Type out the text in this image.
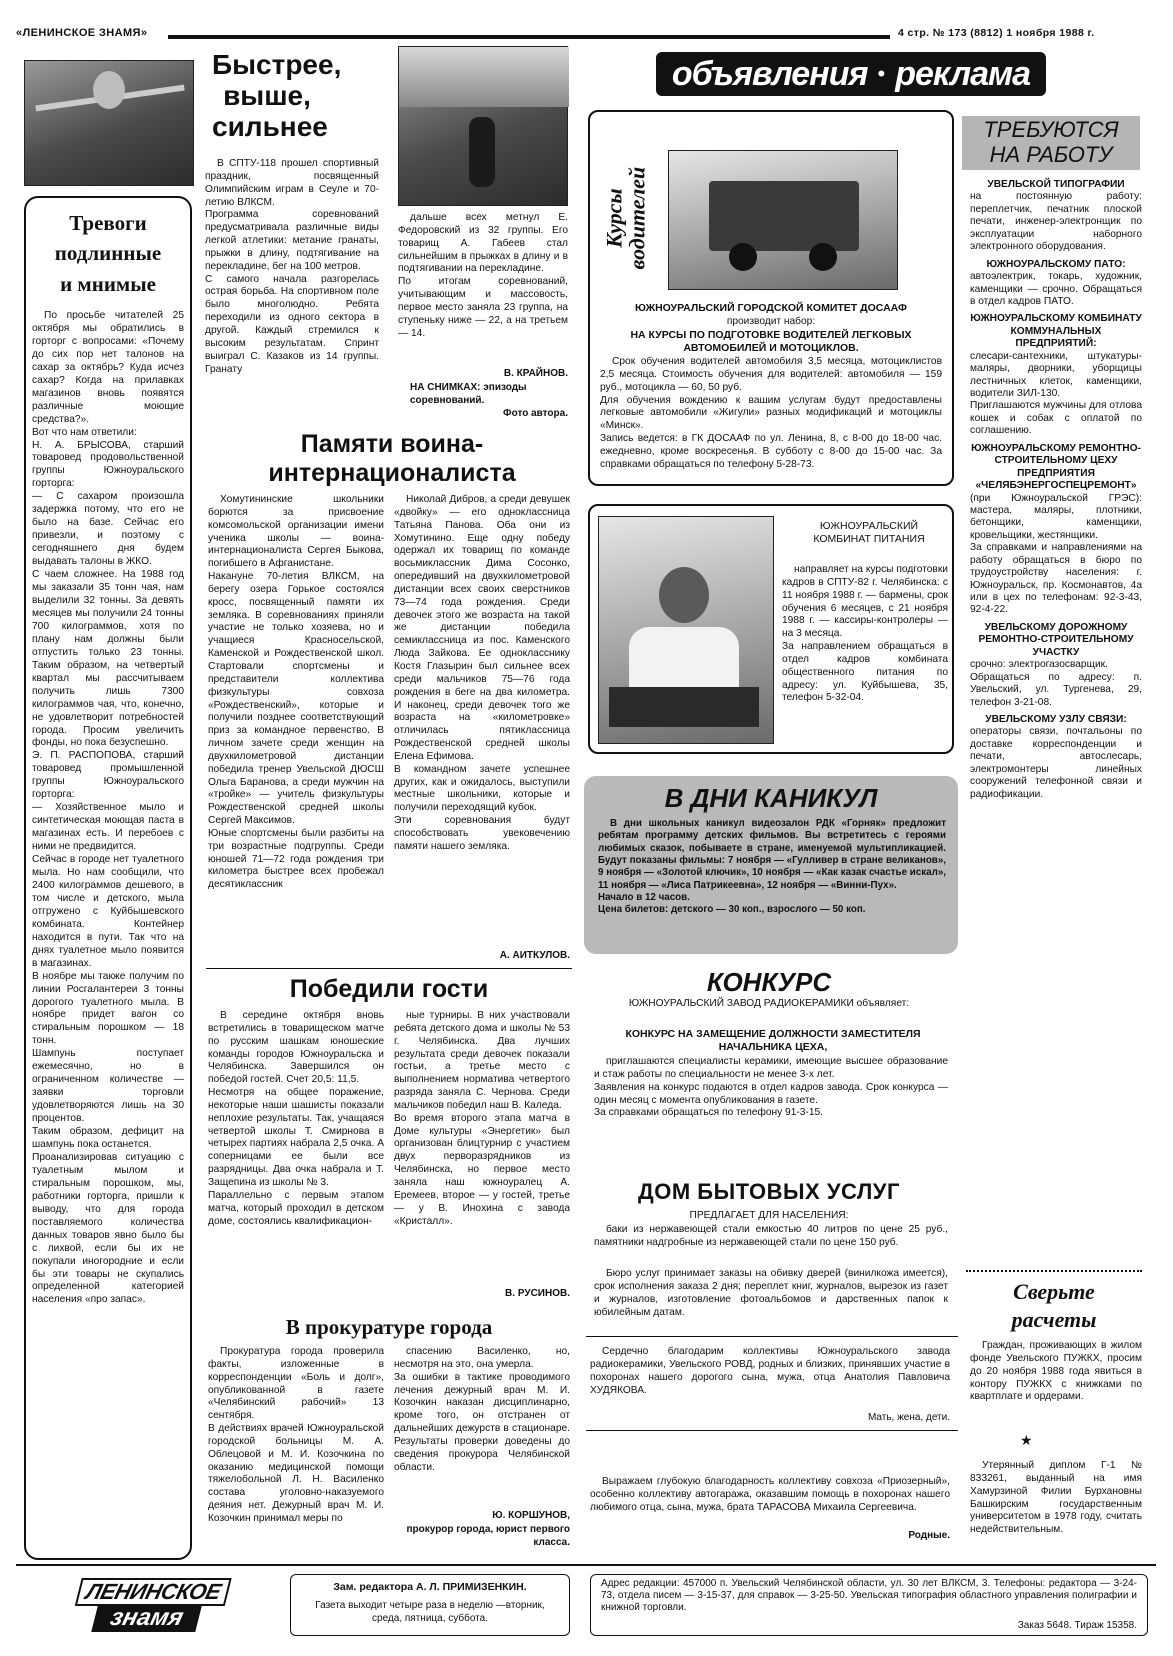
«ЛЕНИНСКОЕ ЗНАМЯ»	4 стр. № 173 (8812) 1 ноября 1988 г.
объявления • реклама
Тревоги
подлинные
и мнимые
По просьбе читателей 25 октября мы обратились в горторг с вопросами: «Почему до сих пор нет талонов на сахар за октябрь? Куда исчез сахар? Когда на прилавках магазинов вновь появятся различные моющие средства?».
Вот что нам ответили:
Н. А. БРЫСОВА, старший товаровед продовольственной группы Южноуральского горторга:
— С сахаром произошла задержка потому, что его не было на базе. Сейчас его привезли, и поэтому с сегодняшнего дня будем выдавать талоны в ЖКО.
С чаем сложнее. На 1988 год мы заказали 35 тонн чая, нам выделили 32 тонны. За девять месяцев мы получили 24 тонны 700 килограммов, хотя по плану нам должны были отпустить только 23 тонны. Таким образом, на четвертый квартал мы рассчитываем получить лишь 7300 килограммов чая, что, конечно, не удовлетворит потребностей города. Просим увеличить фонды, но пока безуспешно.
Э. П. РАСПОПОВА, старший товаровед промышленной группы Южноуральского горторга:
— Хозяйственное мыло и синтетическая моющая паста в магазинах есть. И перебоев с ними не предвидится.
Сейчас в городе нет туалетного мыла. Но нам сообщили, что 2400 килограммов дешевого, в том числе и детского, мыла отгружено с Куйбышевского комбината. Контейнер находится в пути. Так что на днях туалетное мыло появится в магазинах.
В ноябре мы также получим по линии Росгалантереи 3 тонны дорогого туалетного мыла. В ноябре придет вагон со стиральным порошком — 18 тонн.
Шампунь поступает ежемесячно, но в ограниченном количестве — заявки торговли удовлетворяются лишь на 30 процентов.
Таким образом, дефицит на шампунь пока останется.
Проанализировав ситуацию с туалетным мылом и стиральным порошком, мы, работники горторга, пришли к выводу, что для города поставляемого количества данных товаров явно было бы с лихвой, если бы их не покупали иногородние и если бы эти товары не скупались определенной категорией населения «про запас».
Быстрее,
выше,
сильнее
В СПТУ-118 прошел спортивный праздник, посвященный Олимпийским играм в Сеуле и 70-летию ВЛКСМ.
Программа соревнований предусматривала различные виды легкой атлетики: метание гранаты, прыжки в длину, подтягивание на перекладине, бег на 100 метров.
С самого начала разгорелась острая борьба. На спортивном поле было многолюдно. Ребята переходили из одного сектора в другой. Каждый стремился к высоким результатам. Спринт выиграл С. Казаков из 14 группы. Гранату
дальше всех метнул Е. Федоровский из 32 группы. Его товарищ А. Габеев стал сильнейшим в прыжках в длину и в подтягивании на перекладине.
По итогам соревнований, учитывающим и массовость, первое место заняла 23 группа, на ступеньку ниже — 22, а на третьем — 14.
В. КРАЙНОВ.
НА СНИМКАХ: эпизоды соревнований.
Фото автора.
Памяти воина-
интернационалиста
Хомутининские школьники борются за присвоение комсомольской организации имени ученика школы — воина-интернационалиста Сергея Быкова, погибшего в Афганистане.
Накануне 70-летия ВЛКСМ, на берегу озера Горькое состоялся кросс, посвященный памяти их земляка. В соревнованиях приняли участие не только хозяева, но и учащиеся Красносельской, Каменской и Рождественской школ. Стартовали спортсмены и представители коллектива физкультуры совхоза «Рождественский», которые и получили позднее соответствующий приз за командное первенство. В личном зачете среди женщин на двухкилометровой дистанции победила тренер Увельской ДЮСШ Ольга Баранова, а среди мужчин на «тройке» — учитель физкультуры Рождественской средней школы Сергей Максимов.
Юные спортсмены были разбиты на три возрастные подгруппы. Среди юношей 71—72 года рождения три километра быстрее всех пробежал десятиклассник
Николай Дибров, а среди девушек «двойку» — его одноклассница Татьяна Панова. Оба они из Хомутинино. Еще одну победу одержал их товарищ по команде восьмиклассник Дима Сосонко, опередивший на двухкилометровой дистанции всех своих сверстников 73—74 года рождения. Среди девочек этого же возраста на такой же дистанции победила семиклассница из пос. Каменского Люда Зайкова. Ее однокласснику Костя Глазырин был сильнее всех среди мальчиков 75—76 года рождения в беге на два километра. И наконец, среди девочек того же возраста на «километровке» отличилась пятиклассница Рождественской средней школы Елена Ефимова.
В командном зачете успешнее других, как и ожидалось, выступили местные школьники, которые и получили переходящий кубок.
Эти соревнования будут способствовать увековечению памяти нашего земляка.
А. АИТКУЛОВ.
Победили гости
В середине октября вновь встретились в товарищеском матче по русским шашкам юношеские команды городов Южноуральска и Челябинска. Завершился он победой гостей. Счет 20,5: 11,5.
Несмотря на общее поражение, некоторые наши шашисты показали неплохие результаты. Так, учащаяся четвертой школы Т. Смирнова в четырех партиях набрала 2,5 очка. А соперницами ее были все разрядницы. Два очка набрала и Т. Защепина из школы № 3.
Параллельно с первым этапом матча, который проходил в детском доме, состоялись квалификацион-
ные турниры. В них участвовали ребята детского дома и школы № 53 г. Челябинска. Два лучших результата среди девочек показали гостьи, а третье место с выполнением норматива четвертого разряда заняла С. Чернова. Среди мальчиков победил наш В. Каледа.
Во время второго этапа матча в Доме культуры «Энергетик» был организован блицтурнир с участием двух перворазрядников из Челябинска, но первое место заняла наш южноуралец А. Еремеев, второе — у гостей, третье — у В. Иноxина с завода «Кристалл».
В. РУСИНОВ.
В прокуратуре города
Прокуратура города проверила факты, изложенные в корреспонденции «Боль и долг», опубликованной в газете «Челябинский рабочий» 13 сентября.
В действиях врачей Южноуральской городской больницы М. А. Облецовой и М. И. Козочкина по оказанию медицинской помощи тяжелобольной Л. Н. Василенко состава уголовно-наказуемого деяния нет. Дежурный врач М. И. Козочкин принимал меры по
спасению Василенко, но, несмотря на это, она умерла.
За ошибки в тактике проводимого лечения дежурный врач М. И. Козочкин наказан дисциплинарно, кроме того, он отстранен от дальнейших дежурств в стационаре. Результаты проверки доведены до сведения прокурора Челябинской области.
Ю. КОРШУНОВ,
прокурор города, юрист первого класса.
Курсы
водителей
ЮЖНОУРАЛЬСКИЙ ГОРОДСКОЙ КОМИТЕТ ДОСААФ
производит набор:
НА КУРСЫ ПО ПОДГОТОВКЕ ВОДИТЕЛЕЙ ЛЕГКОВЫХ АВТОМОБИЛЕЙ И МОТОЦИКЛОВ.
Срок обучения водителей автомобиля 3,5 месяца, мотоциклистов 2,5 месяца. Стоимость обучения для водителей: автомобиля — 159 руб., мотоцикла — 60, 50 руб.
Для обучения вождению к вашим услугам будут предоставлены легковые автомобили «Жигули» разных модификаций и мотоциклы «Минск».
Запись ведется: в ГК ДОСААФ по ул. Ленина, 8, с 8-00 до 18-00 час. ежедневно, кроме воскресенья. В субботу с 8-00 до 15-00 час. За справками обращаться по телефону 5-28-73.
ЮЖНОУРАЛЬСКИЙ КОМБИНАТ ПИТАНИЯ
направляет на курсы подготовки кадров в СПТУ-82 г. Челябинска: с 11 ноября 1988 г. — бармены, срок обучения 6 месяцев, с 21 ноября 1988 г. — кассиры-контролеры — на 3 месяца.
За направлением обращаться в отдел кадров комбината общественного питания по адресу: ул. Куйбышева, 35, телефон 5-32-04.
В ДНИ КАНИКУЛ
В дни школьных каникул видеозалон РДК «Горняк» предложит ребятам программу детских фильмов. Вы встретитесь с героями любимых сказок, побываете в стране, именуемой мультипликацией. Будут показаны фильмы: 7 ноября — «Гулливер в стране великанов», 9 ноября — «Золотой ключик», 10 ноября — «Как казак счастье искал», 11 ноября — «Лиса Патрикеевна», 12 ноября — «Винни-Пух».
Начало в 12 часов.
Цена билетов: детского — 30 коп., взрослого — 50 коп.
КОНКУРС
ЮЖНОУРАЛЬСКИЙ ЗАВОД РАДИОКЕРАМИКИ объявляет:
КОНКУРС НА ЗАМЕЩЕНИЕ ДОЛЖНОСТИ ЗАМЕСТИТЕЛЯ НАЧАЛЬНИКА ЦЕХА,
приглашаются специалисты керамики, имеющие высшее образование и стаж работы по специальности не менее 3-х лет.
Заявления на конкурс подаются в отдел кадров завода. Срок конкурса — один месяц с момента опубликования в газете.
За справками обращаться по телефону 91-3-15.
ДОМ БЫТОВЫХ УСЛУГ
ПРЕДЛАГАЕТ ДЛЯ НАСЕЛЕНИЯ:

баки из нержавеющей стали емкостью 40 литров по цене 25 руб., памятники надгробные из нержавеющей стали по цене 150 руб.

Бюро услуг принимает заказы на обивку дверей (винилкожа имеется), срок исполнения заказа 2 дня; переплет книг, журналов, вырезок из газет и журналов, изготовление фотоальбомов и дарственных папок к юбилейным датам.

Сердечно благодарим коллективы Южноуральского завода радиокерамики, Увельского РОВД, родных и близких, принявших участие в похоронах нашего дорогого сына, мужа, отца Анатолия Павловича ХУДЯКОВА.

Мать, жена, дети.

Выражаем глубокую благодарность коллективу совхоза «Приозерный», особенно коллективу автогаража, оказавшим помощь в похоронах нашего любимого отца, сына, мужа, брата ТАРАСОВА Михаила Сергеевича.

Родные.
ТРЕБУЮТСЯ
НА РАБОТУ
УВЕЛЬСКОЙ ТИПОГРАФИИ
на постоянную работу: переплетчик, печатник плоской печати, инженер-электронщик по эксплуатации наборного электронного оборудования.
ЮЖНОУРАЛЬСКОМУ ПАТО:
автоэлектрик, токарь, художник, каменщики — срочно. Обращаться в отдел кадров ПАТО.
ЮЖНОУРАЛЬСКОМУ КОМБИНАТУ КОММУНАЛЬНЫХ ПРЕДПРИЯТИЙ:
слесари-сантехники, штукатуры-маляры, дворники, уборщицы лестничных клеток, каменщики, водители ЗИЛ-130.
Приглашаются мужчины для отлова кошек и собак с оплатой по соглашению.
ЮЖНОУРАЛЬСКОМУ РЕМОНТНО-СТРОИТЕЛЬНОМУ ЦЕХУ ПРЕДПРИЯТИЯ «ЧЕЛЯБЭНЕРГОСПЕЦРЕМОНТ»
(при Южноуральской ГРЭС): мастера, маляры, плотники, бетонщики, каменщики, кровельщики, жестянщики.
За справками и направлениями на работу обращаться в бюро по трудоустройству населения: г. Южноуральск, пр. Космонавтов, 4а или в цех по телефонам: 92-3-43, 92-4-22.
УВЕЛЬСКОМУ ДОРОЖНОМУ РЕМОНТНО-СТРОИТЕЛЬНОМУ УЧАСТКУ
срочно: электрогазосварщик.
Обращаться по адресу: п. Увельский, ул. Тургенева, 29, телефон 3-21-08.
УВЕЛЬСКОМУ УЗЛУ СВЯЗИ:
операторы связи, почтальоны по доставке корреспонденции и печати, автослесарь, электромонтеры линейных сооружений телефонной связи и радиофикации.
Сверьте
расчеты

Граждан, проживающих в жилом фонде Увельского ПУЖКХ, просим до 20 ноября 1988 года явиться в контору ПУЖКХ с книжками по квартплате и ордерами.

★

Утерянный диплом Г-1 № 833261, выданный на имя Хамурзиной Филии Бурхановны Башкирским государственным университетом в 1978 году, считать недействительным.

ЛЕНИНСКОЕ знамя
Зам. редактора А. Л. ПРИМИЗЕНКИН.
Газета выходит четыре раза в неделю —вторник, среда, пятница, суббота.
Адрес редакции: 457000 п. Увельский Челябинской области, ул. 30 лет ВЛКСМ, 3. Телефоны: редактора — 3-24-73, отдела писем — 3-15-37, для справок — 3-25-50. Увельская типография областного управления полиграфии и книжной торговли.
Заказ 5648. Тираж 15358.
